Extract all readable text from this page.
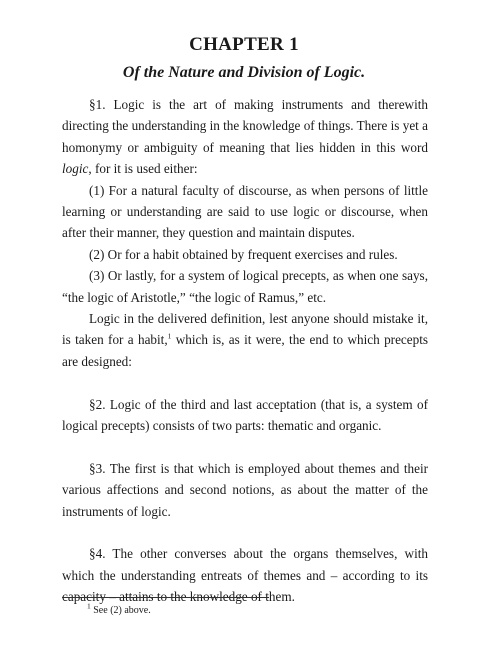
CHAPTER 1
Of the Nature and Division of Logic.

§1. Logic is the art of making instruments and therewith directing the understanding in the knowledge of things. There is yet a homonymy or ambiguity of meaning that lies hidden in this word logic, for it is used either:

(1) For a natural faculty of discourse, as when persons of little learning or understanding are said to use logic or discourse, when after their manner, they question and maintain disputes.

(2) Or for a habit obtained by frequent exercises and rules.

(3) Or lastly, for a system of logical precepts, as when one says, “the logic of Aristotle,” “the logic of Ramus,” etc.

Logic in the delivered definition, lest anyone should mistake it, is taken for a habit,$^1$ which is, as it were, the end to which precepts are designed:

§2. Logic of the third and last acceptation (that is, a system of logical precepts) consists of two parts: thematic and organic.

§3. The first is that which is employed about themes and their various affections and second notions, as about the matter of the instruments of logic.

§4. The other converses about the organs themselves, with which the understanding entreats of themes and – according to its capacity – attains to the knowledge of them.

$^1$ See (2) above.
